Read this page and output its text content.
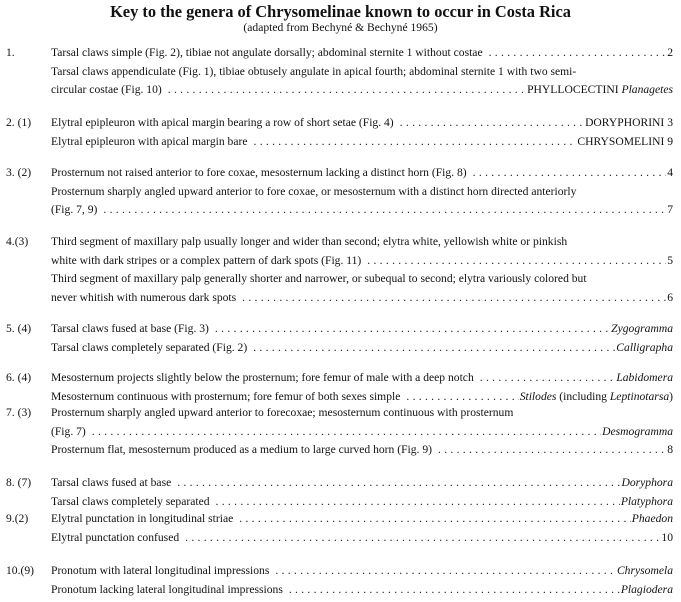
Key to the genera of Chrysomelinae known to occur in Costa Rica
(adapted from Bechyné & Bechyné 1965)
1.	Tarsal claws simple (Fig. 2), tibiae not angulate dorsally; abdominal sternite 1 without costae . . .	2
Tarsal claws appendiculate (Fig. 1), tibiae obtusely angulate in apical fourth; abdominal sternite 1 with two semi-
circular costae (Fig. 10) . . .	PHYLLOCECTINI Planagetes
2. (1) Elytral epipleuron with apical margin bearing a row of short setae (Fig. 4) . . .	DORYPHORINI 3
Elytral epipleuron with apical margin bare . . .	CHRYSOMELINI 9
3. (2) Prosternum not raised anterior to fore coxae, mesosternum lacking a distinct horn (Fig. 8) . . .	4
Prosternum sharply angled upward anterior to fore coxae, or mesosternum with a distinct horn directed anteriorly
(Fig. 7, 9) . . .	7
4.(3) Third segment of maxillary palp usually longer and wider than second; elytra white, yellowish white or pinkish
white with dark stripes or a complex pattern of dark spots (Fig. 11) . . .	5
Third segment of maxillary palp generally shorter and narrower, or subequal to second; elytra variously colored but
never whitish with numerous dark spots . . .	6
5. (4) Tarsal claws fused at base (Fig. 3) . . .	Zygogramma
Tarsal claws completely separated (Fig. 2) . . .	Calligrapha
6. (4) Mesosternum projects slightly below the prosternum; fore femur of male with a deep notch . . .	Labidomera
Mesosternum continuous with prosternum; fore femur of both sexes simple . . .	Stilodes (including Leptinotarsa)
7. (3) Prosternum sharply angled upward anterior to forecoxae; mesosternum continuous with prosternum
(Fig. 7) . . .	Desmogramma
Prosternum flat, mesosternum produced as a medium to large curved horn (Fig. 9) . . .	8
8. (7) Tarsal claws fused at base . . .	Doryphora
Tarsal claws completely separated . . .	Platyphora
9.(2) Elytral punctation in longitudinal striae . . .	Phaedon
Elytral punctation confused . . .	10
10.(9) Pronotum with lateral longitudinal impressions . . .	Chrysomela
Pronotum lacking lateral longitudinal impressions . . .	Plagiodera
